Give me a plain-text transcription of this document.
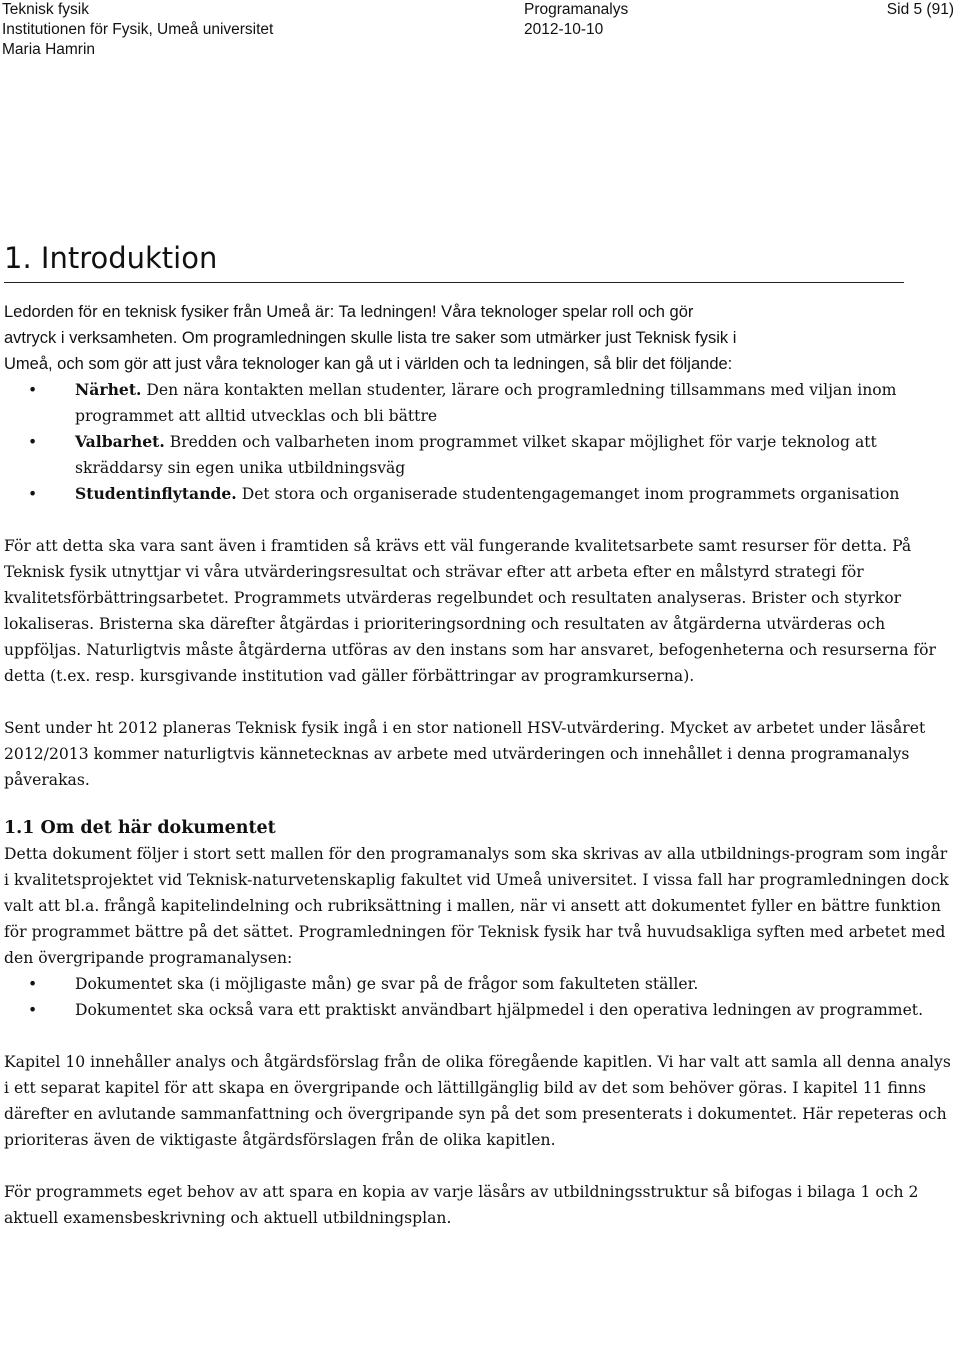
Teknisk fysik
Institutionen för Fysik, Umeå universitet
Maria Hamrin
Programanalys
2012-10-10
Sid 5 (91)
1. Introduktion
Ledorden för en teknisk fysiker från Umeå är: Ta ledningen! Våra teknologer spelar roll och gör
avtryck i verksamheten. Om programledningen skulle lista tre saker som utmärker just Teknisk fysik i
Umeå, och som gör att just våra teknologer kan gå ut i världen och ta ledningen, så blir det följande:
• Närhet. Den nära kontakten mellan studenter, lärare och programledning tillsammans med viljan inom programmet att alltid utvecklas och bli bättre
• Valbarhet. Bredden och valbarheten inom programmet vilket skapar möjlighet för varje teknolog att skräddarsy sin egen unika utbildningsväg
• Studentinflytande. Det stora och organiserade studentengagemanget inom programmets organisation

För att detta ska vara sant även i framtiden så krävs ett väl fungerande kvalitetsarbete samt resurser för detta. På Teknisk fysik utnyttjar vi våra utvärderingsresultat och strävar efter att arbeta efter en målstyrd strategi för kvalitetsförbättringsarbetet. Programmets utvärderas regelbundet och resultaten analyseras. Brister och styrkor lokaliseras. Bristerna ska därefter åtgärdas i prioriteringsordning och resultaten av åtgärderna utvärderas och uppföljas. Naturligtvis måste åtgärderna utföras av den instans som har ansvaret, befogenheterna och resurserna för detta (t.ex. resp. kursgivande institution vad gäller förbättringar av programkurserna).

Sent under ht 2012 planeras Teknisk fysik ingå i en stor nationell HSV-utvärdering. Mycket av arbetet under läsåret 2012/2013 kommer naturligtvis kännetecknas av arbete med utvärderingen och innehållet i denna programanalys påverakas.

1.1 Om det här dokumentet

Detta dokument följer i stort sett mallen för den programanalys som ska skrivas av alla utbildnings-program som ingår i kvalitetsprojektet vid Teknisk-naturvetenskaplig fakultet vid Umeå universitet. I vissa fall har programledningen dock valt att bl.a. frångå kapitelindelning och rubriksättning i mallen, när vi ansett att dokumentet fyller en bättre funktion för programmet bättre på det sättet. Programledningen för Teknisk fysik har två huvudsakliga syften med arbetet med den övergripande programanalysen:

• Dokumentet ska (i möjligaste mån) ge svar på de frågor som fakulteten ställer.
• Dokumentet ska också vara ett praktiskt användbart hjälpmedel i den operativa ledningen av programmet.

Kapitel 10 innehåller analys och åtgärdsförslag från de olika föregående kapitlen. Vi har valt att samla all denna analys i ett separat kapitel för att skapa en övergripande och lättillgänglig bild av det som behöver göras. I kapitel 11 finns därefter en avlutande sammanfattning och övergripande syn på det som presenterats i dokumentet. Här repeteras och prioriteras även de viktigaste åtgärdsförslagen från de olika kapitlen.

För programmets eget behov av att spara en kopia av varje läsårs av utbildningsstruktur så bifogas i bilaga 1 och 2 aktuell examensbeskrivning och aktuell utbildningsplan.
